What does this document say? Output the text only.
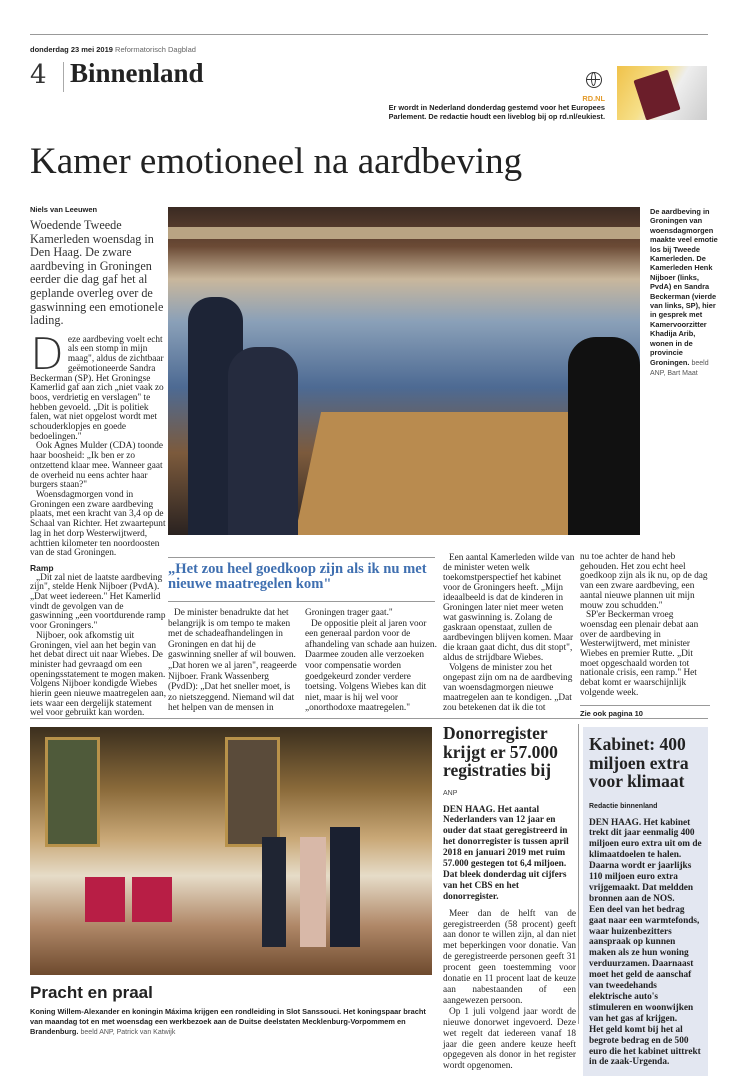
donderdag 23 mei 2019 Reformatorisch Dagblad
4 Binnenland
RD.NL
Er wordt in Nederland donderdag gestemd voor het Europees Parlement. De redactie houdt een liveblog bij op rd.nl/eukiest.
Kamer emotioneel na aardbeving
Niels van Leeuwen
Woedende Tweede Kamerleden woensdag in Den Haag. De zware aardbeving in Groningen eerder die dag gaf het al geplande overleg over de gaswinning een emotionele lading.
D eze aardbeving voelt echt als een stomp in mijn maag", aldus de zichtbaar geëmotioneerde Sandra Beckerman (SP). Het Groningse Kamerlid gaf aan zich „niet vaak zo boos, verdrietig en verslagen" te hebben gevoeld. „Dit is politiek falen, wat niet opgelost wordt met schouderklopjes en goede bedoelingen."

Ook Agnes Mulder (CDA) toonde haar boosheid: „Ik ben er zo ontzettend klaar mee. Wanneer gaat de overheid nu eens achter haar burgers staan?"

Woensdagmorgen vond in Groningen een zware aardbeving plaats, met een kracht van 3,4 op de Schaal van Richter. Het zwaartepunt lag in het dorp Westerwijtwerd, achttien kilometer ten noordoosten van de stad Groningen.

Ramp

„Dit zal niet de laatste aardbeving zijn", stelde Henk Nijboer (PvdA). „Dat weet iedereen." Het Kamerlid vindt de gevolgen van de gaswinning „een voortdurende ramp voor Groningers."

Nijboer, ook afkomstig uit Groningen, viel aan het begin van het debat direct uit naar Wiebes. De minister had gevraagd om een openingsstatement te mogen maken. Volgens Nijboer kondigde Wiebes hierin geen nieuwe maatregelen aan, iets waar een dergelijk statement wel voor gebruikt kan worden.

De aardbeving in Groningen van woensdagmorgen maakte veel emotie los bij Tweede Kamerleden. De Kamerleden Henk Nijboer (links, PvdA) en Sandra Beckerman (vierde van links, SP), hier in gesprek met Kamervoorzitter Khadija Arib, wonen in de provincie Groningen. beeld ANP, Bart Maat
„Het zou heel goedkoop zijn als ik nu met nieuwe maatregelen kom"

De minister benadrukte dat het belangrijk is om tempo te maken met de schadeafhandelingen in Groningen en dat hij de gaswinning sneller af wil bouwen. „Dat horen we al jaren", reageerde Nijboer. Frank Wassenberg (PvdD): „Dat het sneller moet, is zo nietszeggend. Niemand wil dat het helpen van de mensen in

Groningen trager gaat."

De oppositie pleit al jaren voor een generaal pardon voor de afhandeling van schade aan huizen. Daarmee zouden alle verzoeken voor compensatie worden goedgekeurd zonder verdere toetsing. Volgens Wiebes kan dit niet, maar is hij wel voor „onorthodoxe maatregelen."

Een aantal Kamerleden wilde van de minister weten welk toekomstperspectief het kabinet voor de Groningers heeft. „Mijn ideaalbeeld is dat de kinderen in Groningen later niet meer weten wat gaswinning is. Zolang de gaskraan openstaat, zullen de aardbevingen blijven komen. Maar die kraan gaat dicht, dus dit stopt", aldus de strijdbare Wiebes.

Volgens de minister zou het ongepast zijn om na de aardbeving van woensdagmorgen nieuwe maatregelen aan te kondigen. „Dat zou betekenen dat ik die tot

nu toe achter de hand heb gehouden. Het zou echt heel goedkoop zijn als ik nu, op de dag van een zware aardbeving, een aantal nieuwe plannen uit mijn mouw zou schudden."

SP'er Beckerman vroeg woensdag een plenair debat aan over de aardbeving in Westerwijtwerd, met minister Wiebes en premier Rutte. „Dit moet opgeschaald worden tot nationale crisis, een ramp." Het debat komt er waarschijnlijk volgende week.

Zie ook pagina 10
Pracht en praal
Koning Willem-Alexander en koningin Máxima krijgen een rondleiding in Slot Sanssouci. Het koningspaar bracht van maandag tot en met woensdag een werkbezoek aan de Duitse deelstaten Mecklenburg-Vorpommem en Brandenburg. beeld ANP, Patrick van Katwijk
Donorregister krijgt er 57.000 registraties bij
ANP
DEN HAAG. Het aantal Nederlanders van 12 jaar en ouder dat staat geregistreerd in het donorregister is tussen april 2018 en januari 2019 met ruim 57.000 gestegen tot 6,4 miljoen. Dat bleek donderdag uit cijfers van het CBS en het donorregister.

Meer dan de helft van de geregistreerden (58 procent) geeft aan donor te willen zijn, al dan niet met beperkingen voor donatie. Van de geregistreerde personen geeft 31 procent geen toestemming voor donatie en 11 procent laat de keuze aan nabestaanden of een aangewezen persoon.

Op 1 juli volgend jaar wordt de nieuwe donorwet ingevoerd. Deze wet regelt dat iedereen vanaf 18 jaar die geen andere keuze heeft opgegeven als donor in het register wordt opgenomen.

Kabinet: 400 miljoen extra voor klimaat
Redactie binnenland

DEN HAAG. Het kabinet trekt dit jaar eenmalig 400 miljoen euro extra uit om de klimaatdoelen te halen. Daarna wordt er jaarlijks 110 miljoen euro extra vrijgemaakt. Dat meldden bronnen aan de NOS.

Een deel van het bedrag gaat naar een warmtefonds, waar huizenbezitters aanspraak op kunnen maken als ze hun woning verduurzamen. Daarnaast moet het geld de aanschaf van tweedehands elektrische auto's stimuleren en woonwijken van het gas af krijgen.

Het geld komt bij het al begrote bedrag en de 500 euro die het kabinet uittrekt in de zaak-Urgenda.
